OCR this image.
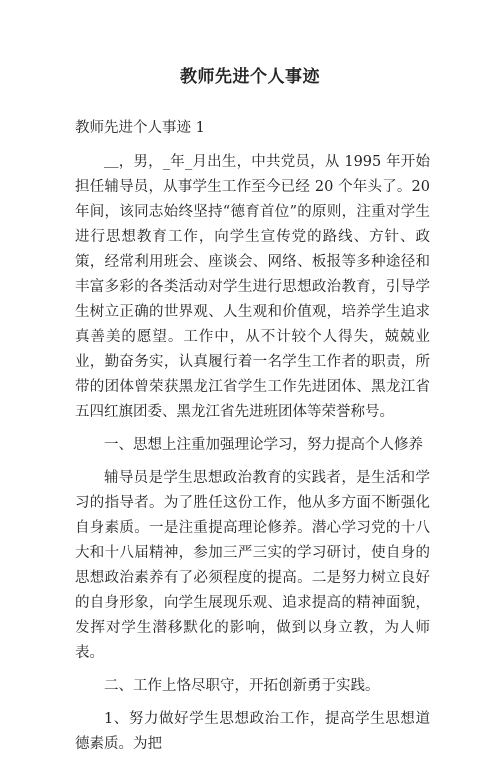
教师先进个人事迹

教师先进个人事迹 1

＿，男，_年_月出生，中共党员，从 1995 年开始担任辅导员，从事学生工作至今已经 20 个年头了。20 年间，该同志始终坚持“德育首位”的原则，注重对学生进行思想教育工作，向学生宣传党的路线、方针、政策，经常利用班会、座谈会、网络、板报等多种途径和丰富多彩的各类活动对学生进行思想政治教育，引导学生树立正确的世界观、人生观和价值观，培养学生追求真善美的愿望。工作中，从不计较个人得失，兢兢业业，勤奋务实，认真履行着一名学生工作者的职责，所带的团体曾荣获黑龙江省学生工作先进团体、黑龙江省五四红旗团委、黑龙江省先进班团体等荣誉称号。

一、思想上注重加强理论学习，努力提高个人修养

辅导员是学生思想政治教育的实践者，是生活和学习的指导者。为了胜任这份工作，他从多方面不断强化自身素质。一是注重提高理论修养。潜心学习党的十八大和十八届精神，参加三严三实的学习研讨，使自身的思想政治素养有了必须程度的提高。二是努力树立良好的自身形象，向学生展现乐观、追求提高的精神面貌，发挥对学生潜移默化的影响，做到以身立教，为人师表。

二、工作上恪尽职守，开拓创新勇于实践。

1、努力做好学生思想政治工作，提高学生思想道德素质。为把
